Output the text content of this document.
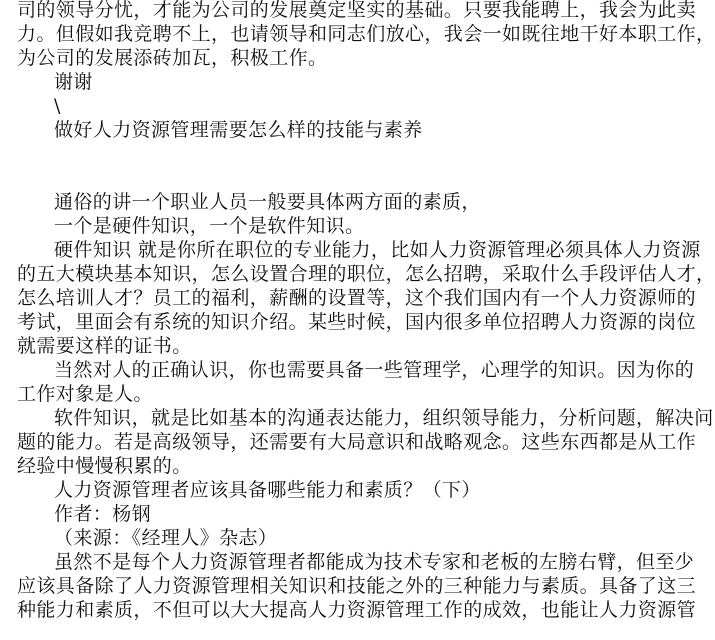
司的领导分忧，才能为公司的发展奠定坚实的基础。只要我能聘上，我会为此卖
力。但假如我竞聘不上，也请领导和同志们放心，我会一如既往地干好本职工作，
为公司的发展添砖加瓦，积极工作。
谢谢
\
做好人力资源管理需要怎么样的技能与素养
通俗的讲一个职业人员一般要具体两方面的素质，
一个是硬件知识，一个是软件知识。
硬件知识 就是你所在职位的专业能力，比如人力资源管理必须具体人力资源
的五大模块基本知识，怎么设置合理的职位，怎么招聘，采取什么手段评估人才，
怎么培训人才？员工的福利，薪酬的设置等，这个我们国内有一个人力资源师的
考试，里面会有系统的知识介绍。某些时候，国内很多单位招聘人力资源的岗位
就需要这样的证书。
当然对人的正确认识，你也需要具备一些管理学，心理学的知识。因为你的
工作对象是人。
软件知识，就是比如基本的沟通表达能力，组织领导能力，分析问题，解决问
题的能力。若是高级领导，还需要有大局意识和战略观念。这些东西都是从工作
经验中慢慢积累的。
人力资源管理者应该具备哪些能力和素质？（下）
作者：杨钢
（来源：《经理人》杂志）
虽然不是每个人力资源管理者都能成为技术专家和老板的左膀右臂，但至少
应该具备除了人力资源管理相关知识和技能之外的三种能力与素质。具备了这三
种能力和素质，不但可以大大提高人力资源管理工作的成效，也能让人力资源管
